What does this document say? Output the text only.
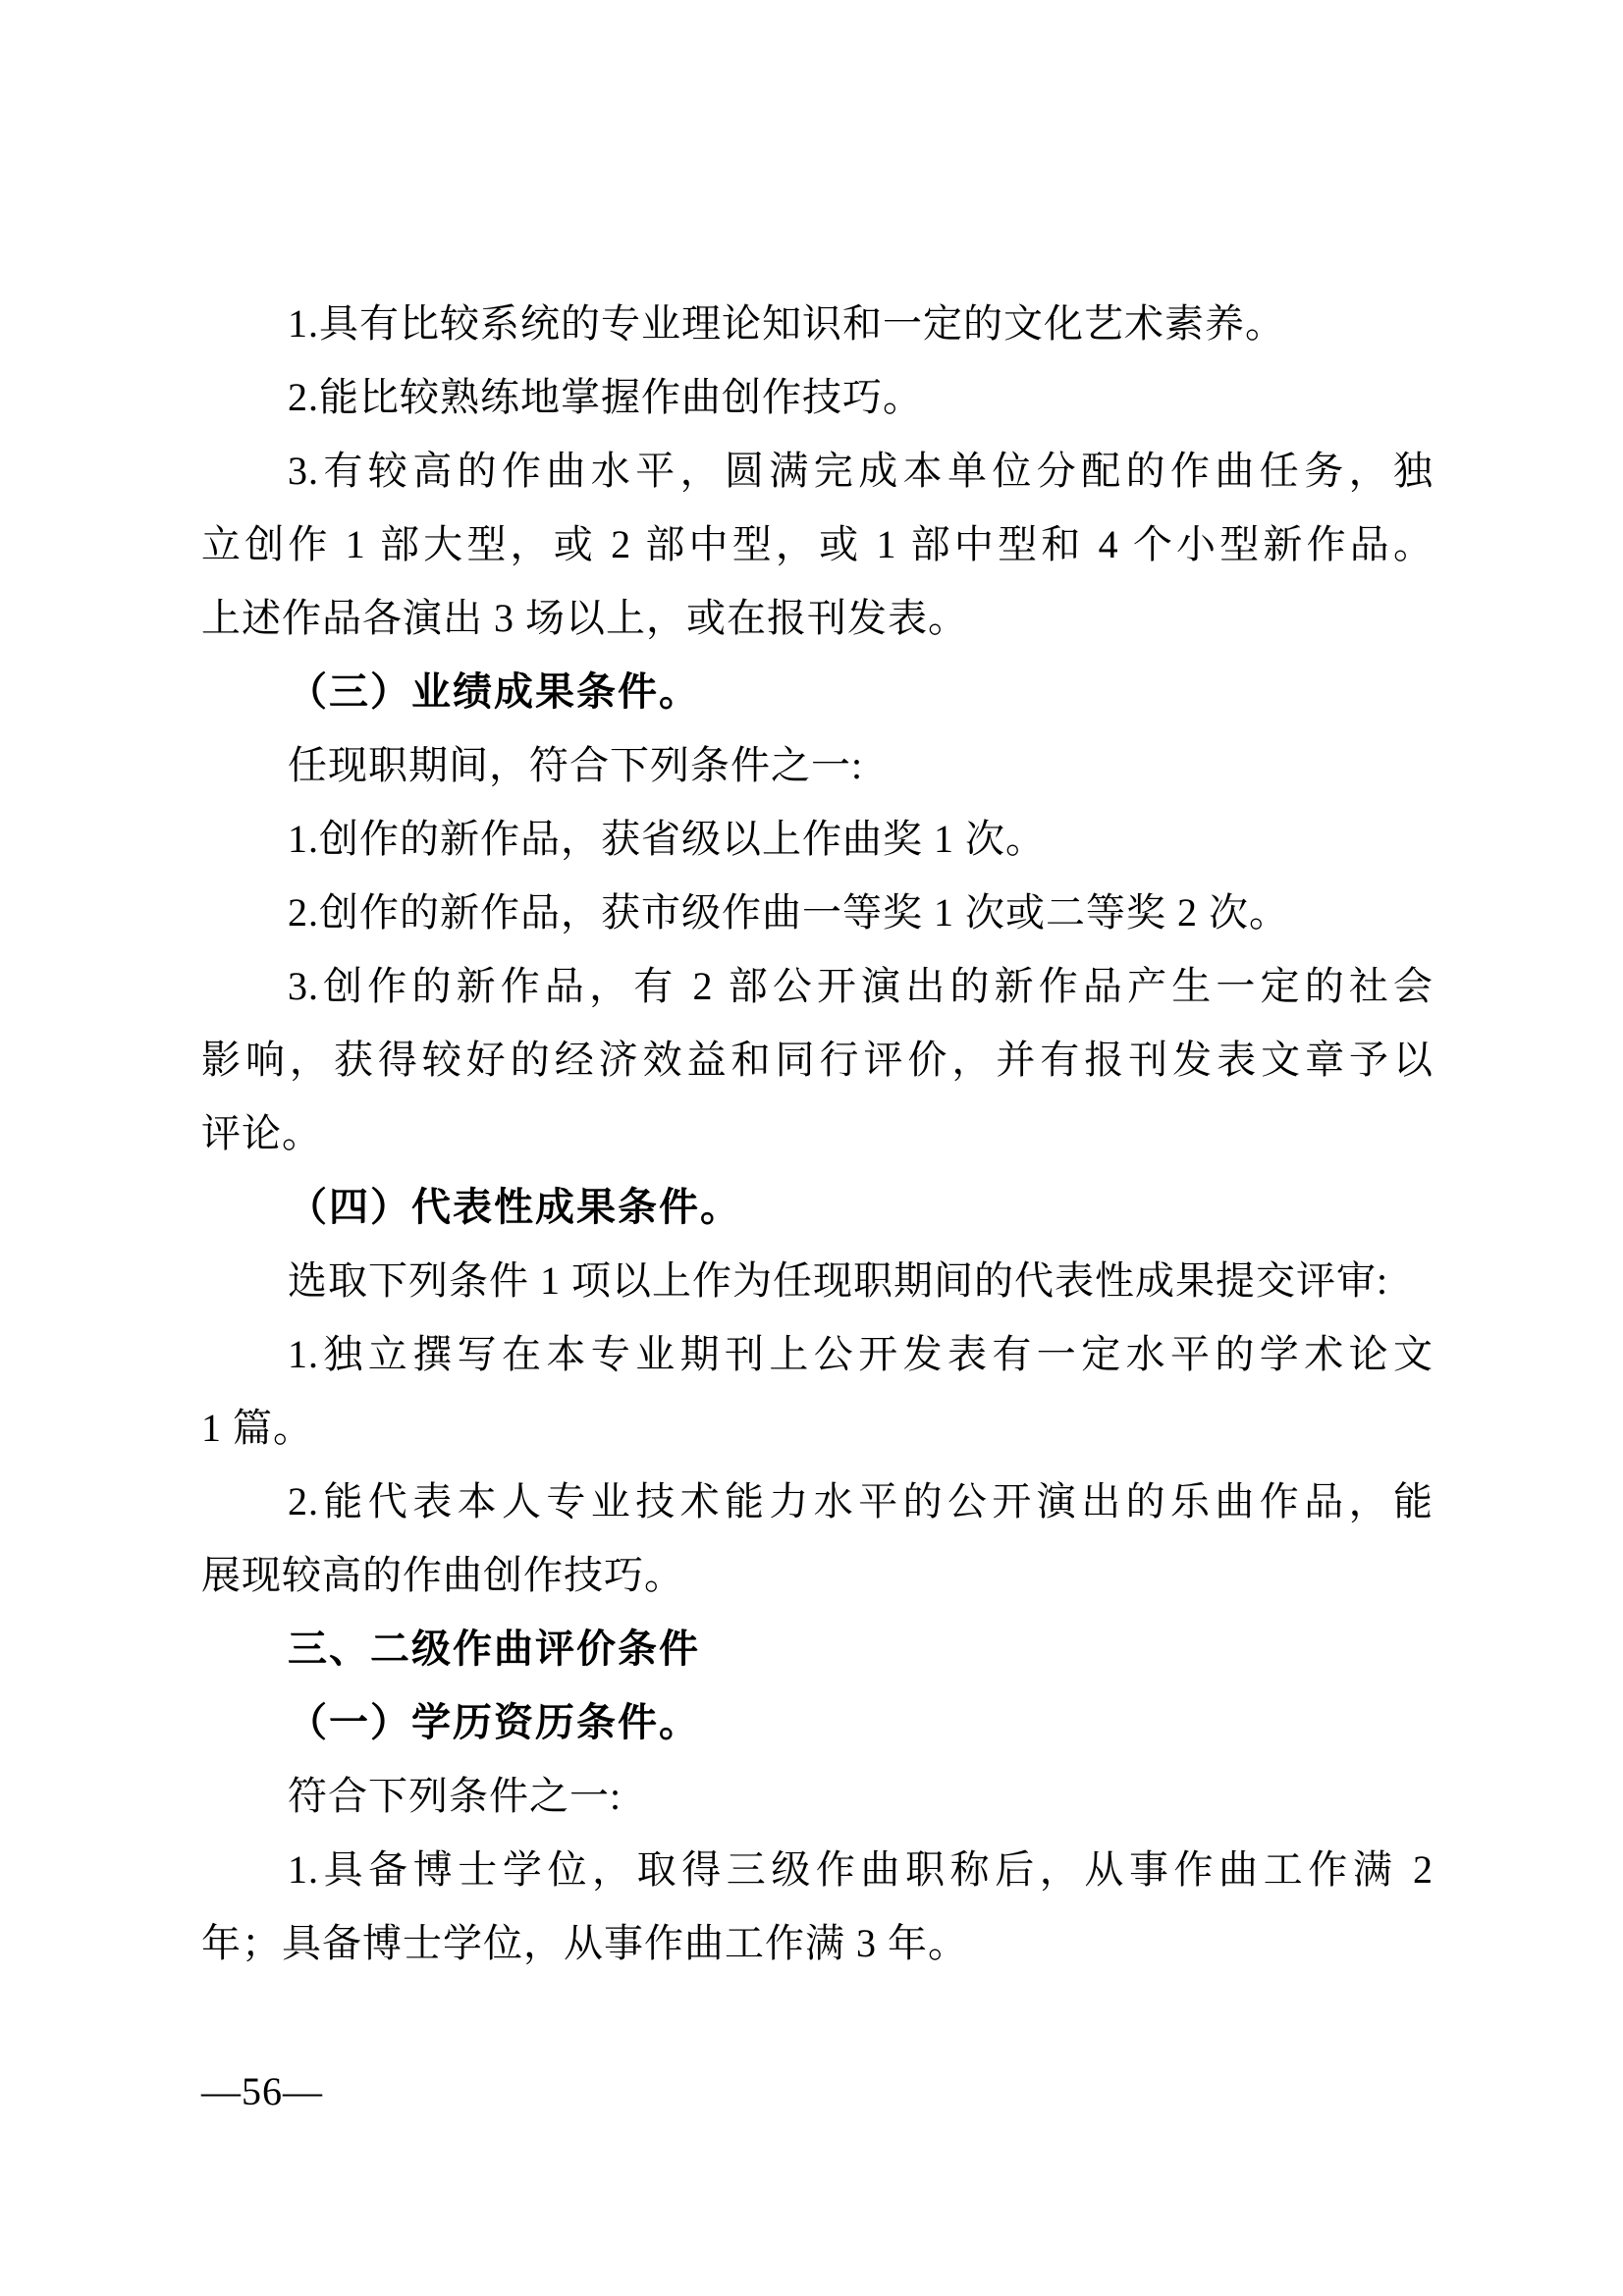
1.具有比较系统的专业理论知识和一定的文化艺术素养。
2.能比较熟练地掌握作曲创作技巧。
3.有较高的作曲水平，圆满完成本单位分配的作曲任务，独
立创作 1 部大型，或 2 部中型，或 1 部中型和 4 个小型新作品。
上述作品各演出 3 场以上，或在报刊发表。
（三）业绩成果条件。
任现职期间，符合下列条件之一:
1.创作的新作品，获省级以上作曲奖 1 次。
2.创作的新作品，获市级作曲一等奖 1 次或二等奖 2 次。
3.创作的新作品，有 2 部公开演出的新作品产生一定的社会
影响，获得较好的经济效益和同行评价，并有报刊发表文章予以
评论。
（四）代表性成果条件。
选取下列条件 1 项以上作为任现职期间的代表性成果提交评审:
1.独立撰写在本专业期刊上公开发表有一定水平的学术论文
1 篇。
2.能代表本人专业技术能力水平的公开演出的乐曲作品，能
展现较高的作曲创作技巧。
三、二级作曲评价条件
（一）学历资历条件。
符合下列条件之一:
1.具备博士学位，取得三级作曲职称后，从事作曲工作满 2
年；具备博士学位，从事作曲工作满 3 年。
—56—
